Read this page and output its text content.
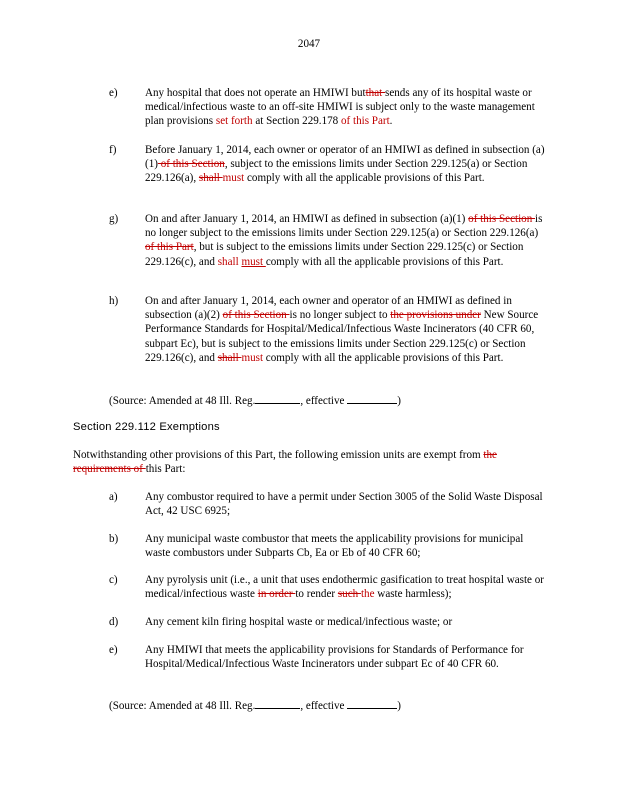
2047
e) Any hospital that does not operate an HMIWI butthat sends any of its hospital waste or medical/infectious waste to an off-site HMIWI is subject only to the waste management plan provisions set forth at Section 229.178 of this Part.
f)	Before January 1, 2014, each owner or operator of an HMIWI as defined in subsection (a)(1) of this Section, subject to the emissions limits under Section 229.125(a) or Section 229.126(a), shall must comply with all the applicable provisions of this Part.
g) On and after January 1, 2014, an HMIWI as defined in subsection (a)(1) of this Section is no longer subject to the emissions limits under Section 229.125(a) or Section 229.126(a) of this Part, but is subject to the emissions limits under Section 229.125(c) or Section 229.126(c), and shall must comply with all the applicable provisions of this Part.
h) On and after January 1, 2014, each owner and operator of an HMIWI as defined in subsection (a)(2) of this Section is no longer subject to the provisions under New Source Performance Standards for Hospital/Medical/Infectious Waste Incinerators (40 CFR 60, subpart Ec), but is subject to the emissions limits under Section 229.125(c) or Section 229.126(c), and shall must comply with all the applicable provisions of this Part.
(Source: Amended at 48 Ill. Reg.	, effective	)
Section 229.112 Exemptions
Notwithstanding other provisions of this Part, the following emission units are exempt from the requirements of this Part:
a) Any combustor required to have a permit under Section 3005 of the Solid Waste Disposal Act, 42 USC 6925;
b) Any municipal waste combustor that meets the applicability provisions for municipal waste combustors under Subparts Cb, Ea or Eb of 40 CFR 60;
c) Any pyrolysis unit (i.e., a unit that uses endothermic gasification to treat hospital waste or medical/infectious waste in order to render such the waste harmless);
d) Any cement kiln firing hospital waste or medical/infectious waste; or
e) Any HMIWI that meets the applicability provisions for Standards of Performance for Hospital/Medical/Infectious Waste Incinerators under subpart Ec of 40 CFR 60.
(Source: Amended at 48 Ill. Reg.	, effective	)
